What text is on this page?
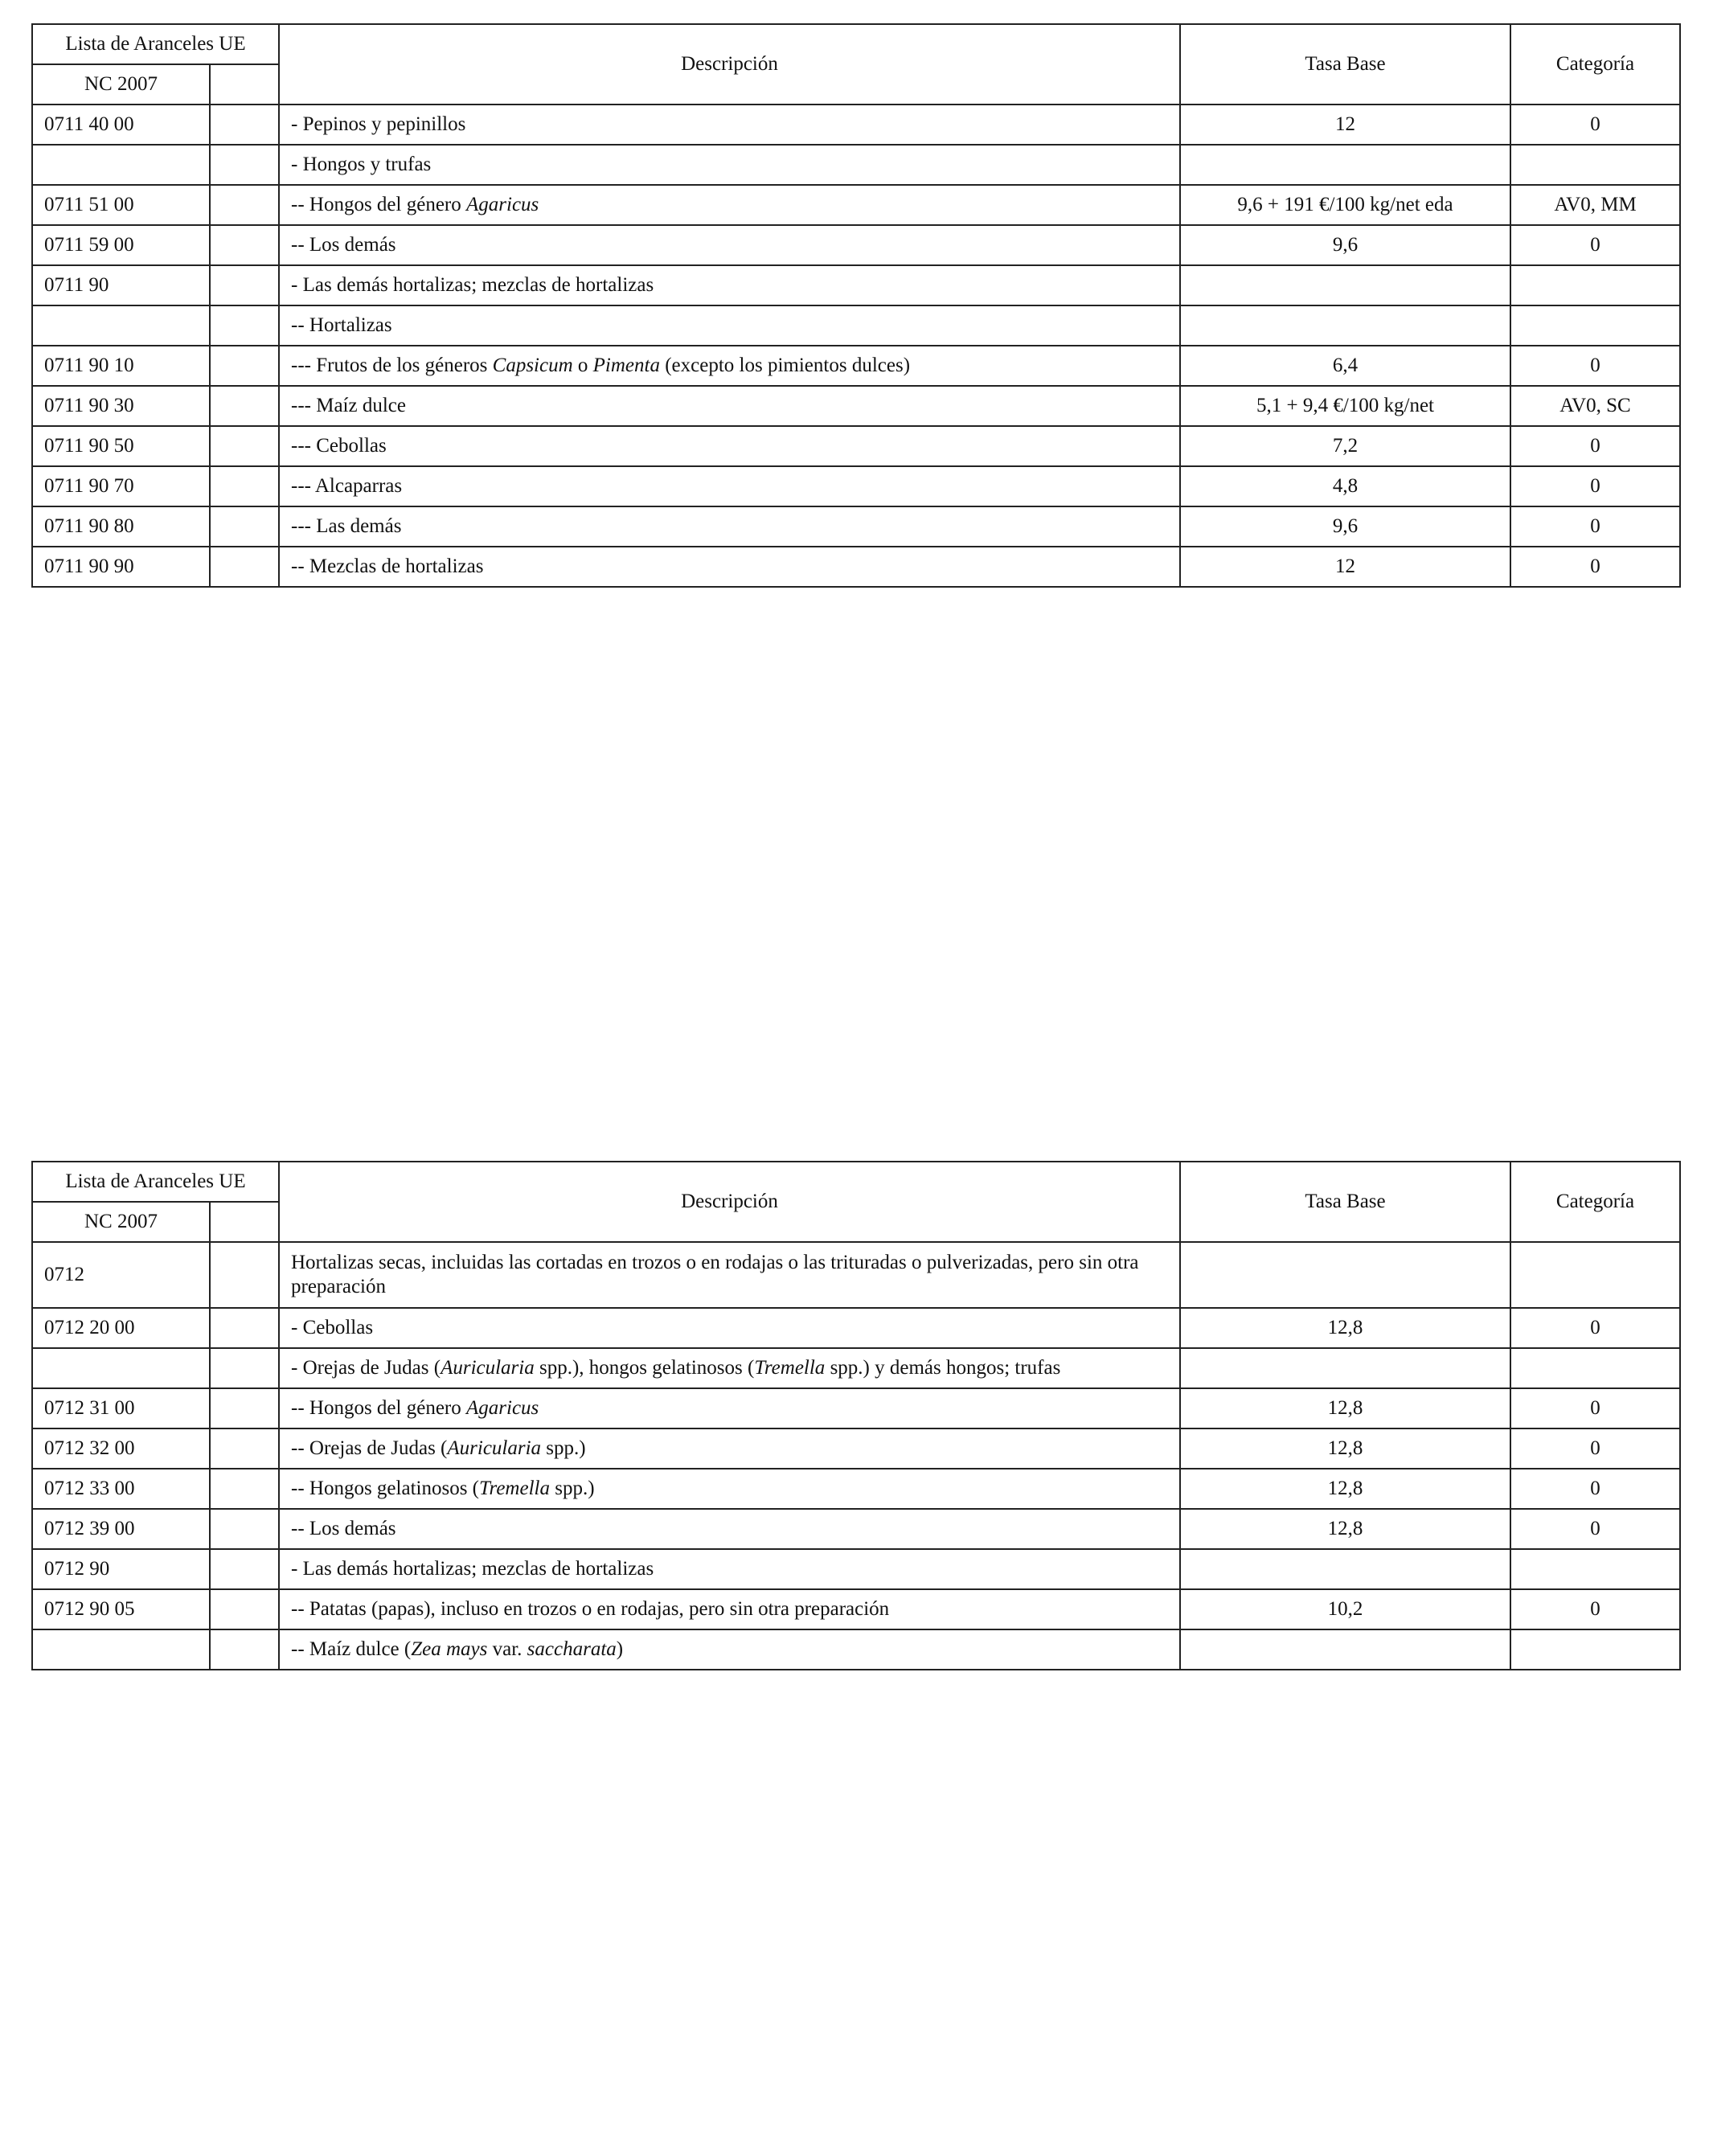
Lista de Aranceles UE		Descripción	Tasa Base	Categoría
NC 2007				
0711 40 00		- Pepinos y pepinillos	12	0
		- Hongos y trufas		
0711 51 00		-- Hongos del género Agaricus	9,6 + 191 €/100 kg/net eda	AV0, MM
0711 59 00		-- Los demás	9,6	0
0711 90		- Las demás hortalizas; mezclas de hortalizas		
		-- Hortalizas		
0711 90 10		--- Frutos de los géneros Capsicum o Pimenta (excepto los pimientos dulces)	6,4	0
0711 90 30		--- Maíz dulce	5,1 + 9,4 €/100 kg/net	AV0, SC
0711 90 50		--- Cebollas	7,2	0
0711 90 70		--- Alcaparras	4,8	0
0711 90 80		--- Las demás	9,6	0
0711 90 90		-- Mezclas de hortalizas	12	0
Lista de Aranceles UE		Descripción	Tasa Base	Categoría
NC 2007				
0712		Hortalizas secas, incluidas las cortadas en trozos o en rodajas o las trituradas o pulverizadas, pero sin otra preparación		
0712 20 00		- Cebollas	12,8	0
		- Orejas de Judas (Auricularia spp.), hongos gelatinosos (Tremella spp.) y demás hongos; trufas		
0712 31 00		-- Hongos del género Agaricus	12,8	0
0712 32 00		-- Orejas de Judas (Auricularia spp.)	12,8	0
0712 33 00		-- Hongos gelatinosos (Tremella spp.)	12,8	0
0712 39 00		-- Los demás	12,8	0
0712 90		- Las demás hortalizas; mezclas de hortalizas		
0712 90 05		-- Patatas (papas), incluso en trozos o en rodajas, pero sin otra preparación	10,2	0
		-- Maíz dulce (Zea mays var. saccharata)		
